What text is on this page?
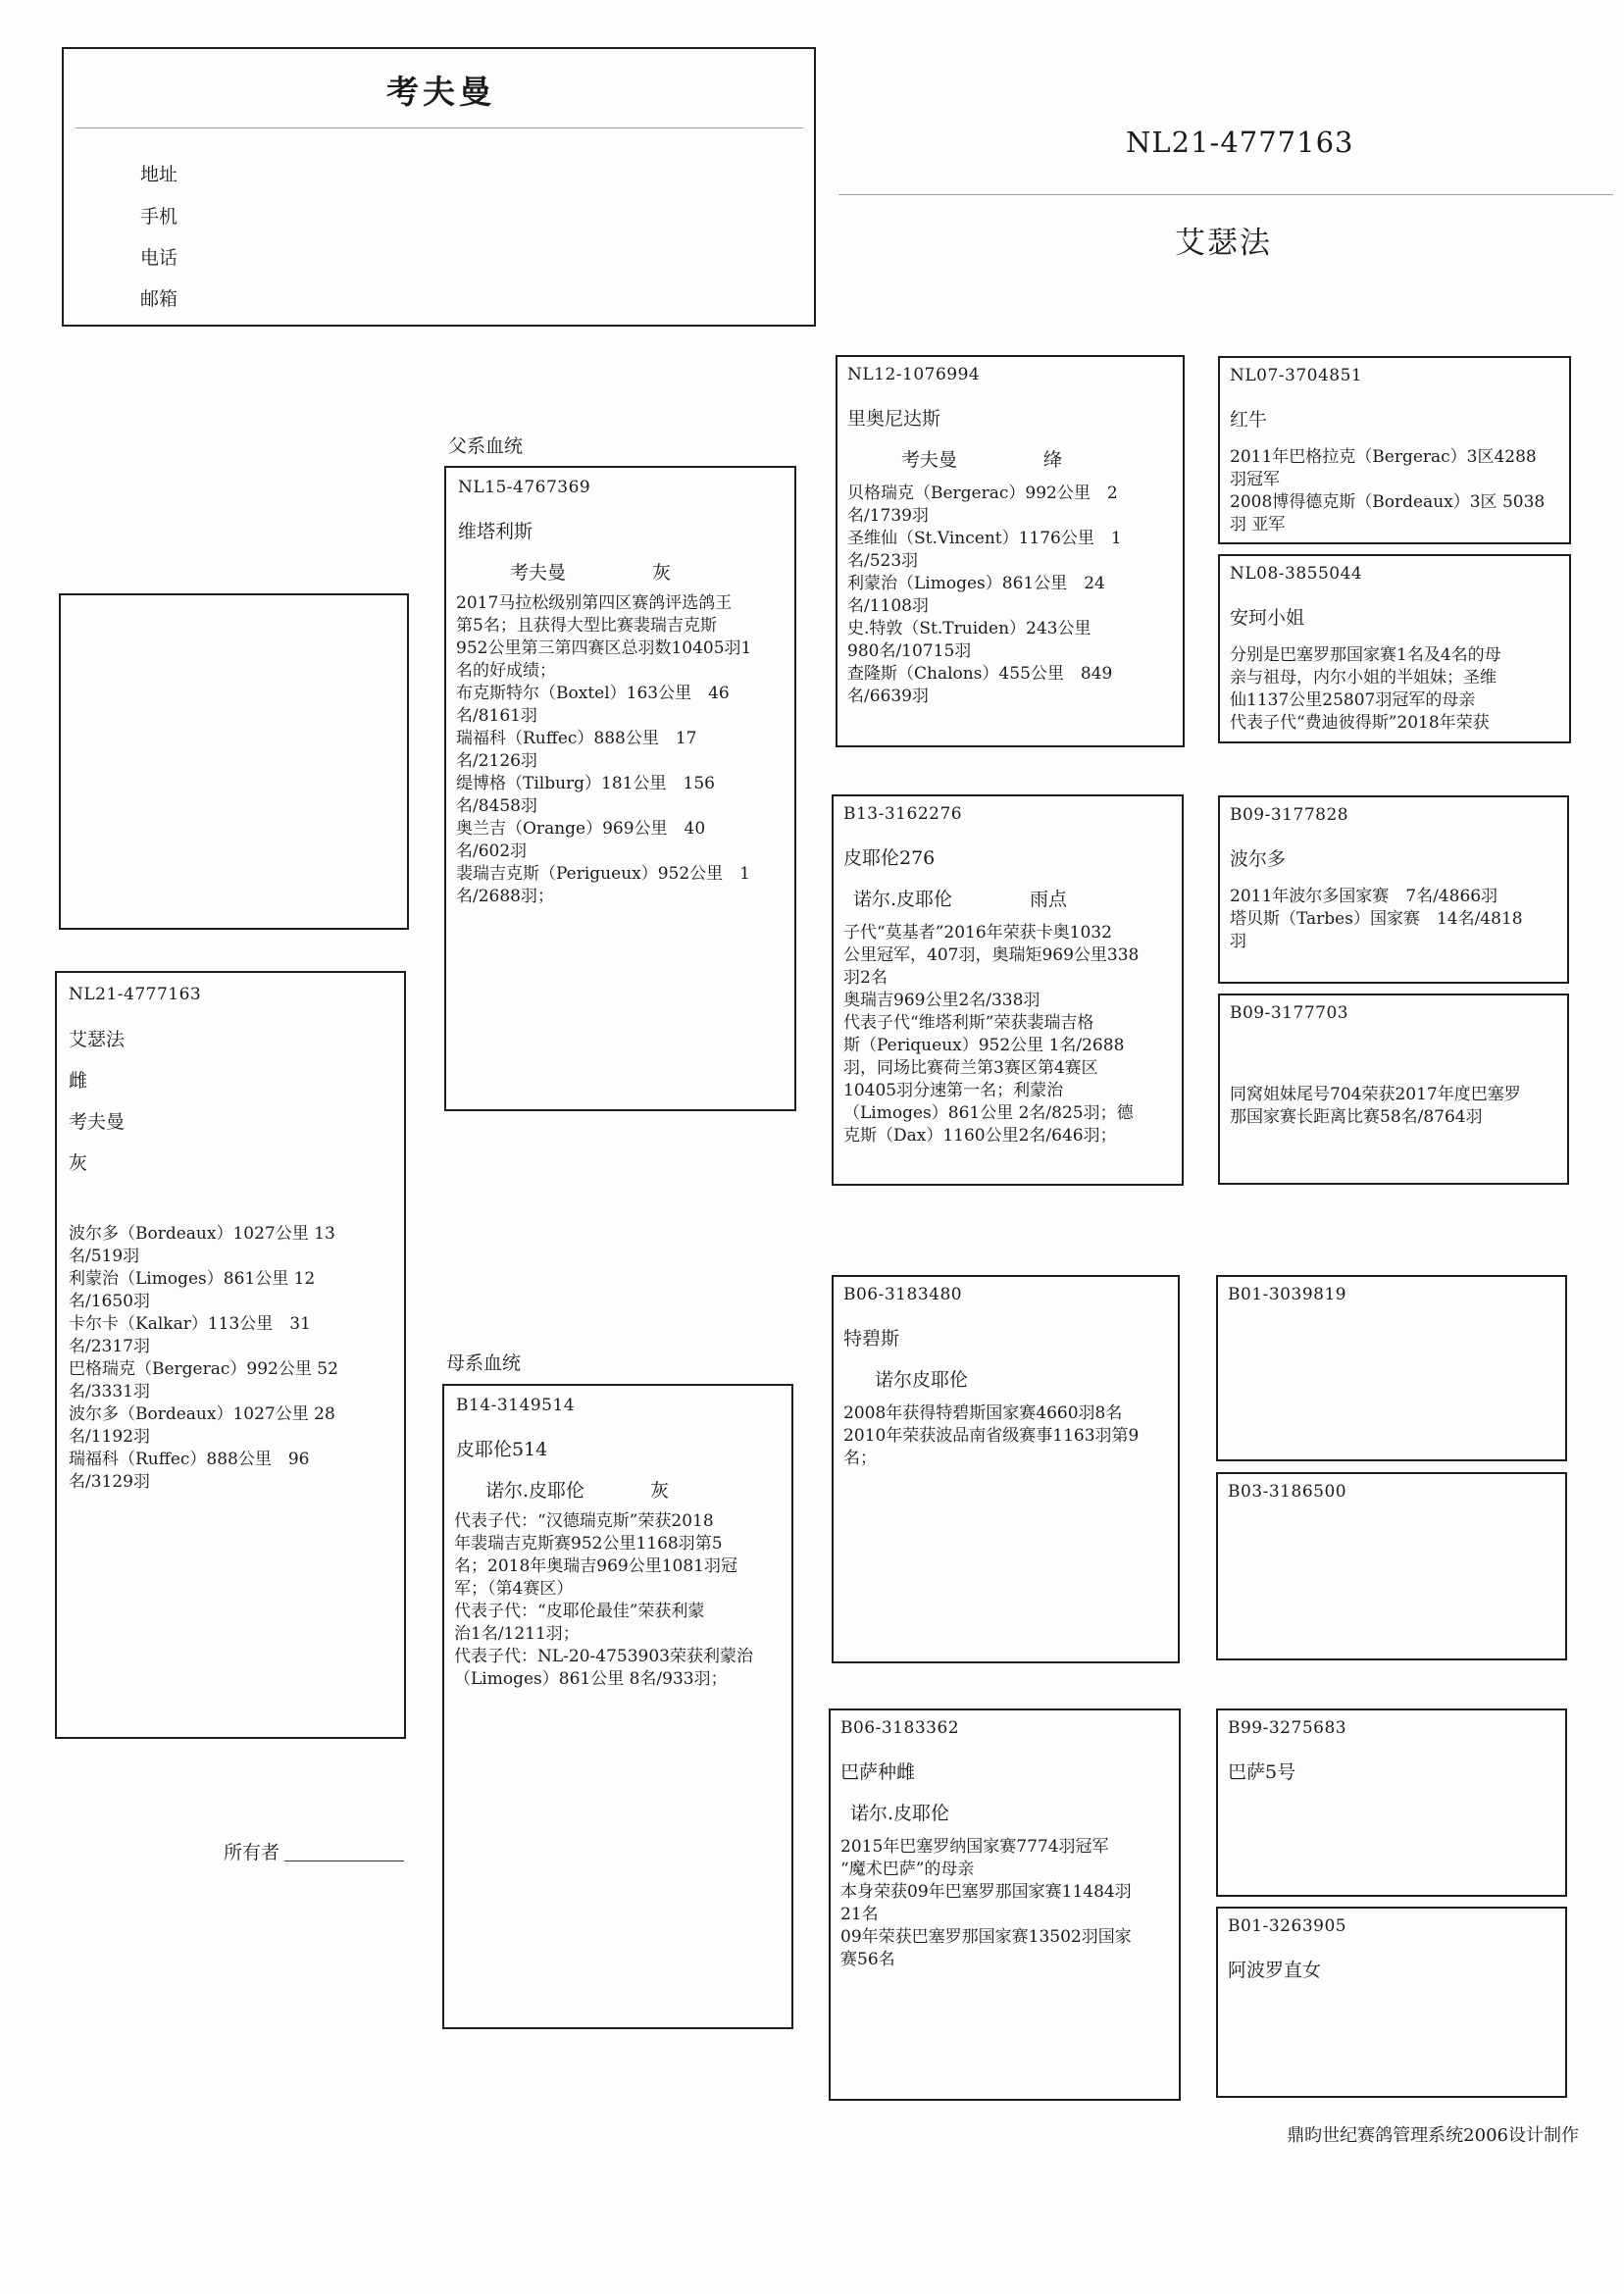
考夫曼
地址
手机
电话
邮箱
NL21-4777163
艾瑟法
NL21-4777163
艾瑟法
雌
考夫曼
灰
波尔多（Bordeaux）1027公里 13
名/519羽
利蒙治（Limoges）861公里 12
名/1650羽
卡尔卡（Kalkar）113公里　31
名/2317羽
巴格瑞克（Bergerac）992公里 52
名/3331羽
波尔多（Bordeaux）1027公里 28
名/1192羽
瑞福科（Ruffec）888公里　96
名/3129羽
所有者
父系血统
NL15-4767369
维塔利斯
考夫曼	灰
2017马拉松级别第四区赛鸽评选鸽王
第5名；且获得大型比赛裴瑞吉克斯
952公里第三第四赛区总羽数10405羽1
名的好成绩；
布克斯特尔（Boxtel）163公里　46
名/8161羽
瑞福科（Ruffec）888公里　17
名/2126羽
缇博格（Tilburg）181公里　156
名/8458羽
奥兰吉（Orange）969公里　40
名/602羽
裴瑞吉克斯（Perigueux）952公里　1
名/2688羽；
母系血统
B14-3149514
皮耶伦514
诺尔.皮耶伦	灰
代表子代：“汉德瑞克斯”荣获2018
年裴瑞吉克斯赛952公里1168羽第5
名；2018年奥瑞吉969公里1081羽冠
军；（第4赛区）
代表子代：“皮耶伦最佳”荣获利蒙
治1名/1211羽；
代表子代：NL-20-4753903荣获利蒙治
（Limoges）861公里 8名/933羽；
NL12-1076994
里奥尼达斯
考夫曼	绛
贝格瑞克（Bergerac）992公里　2
名/1739羽
圣维仙（St.Vincent）1176公里　1
名/523羽
利蒙治（Limoges）861公里　24
名/1108羽
史.特敦（St.Truiden）243公里
980名/10715羽
查隆斯（Chalons）455公里　849
名/6639羽
B13-3162276
皮耶伦276
诺尔.皮耶伦	雨点
子代“莫基者”2016年荣获卡奥1032
公里冠军，407羽，奥瑞矩969公里338
羽2名
奥瑞吉969公里2名/338羽
代表子代“维塔利斯”荣获裴瑞吉格
斯（Periqueux）952公里 1名/2688
羽，同场比赛荷兰第3赛区第4赛区
10405羽分速第一名；利蒙治
（Limoges）861公里 2名/825羽；德
克斯（Dax）1160公里2名/646羽；
B06-3183480
特碧斯
诺尔皮耶伦
2008年获得特碧斯国家赛4660羽8名
2010年荣获波品南省级赛事1163羽第9
名；
B06-3183362
巴萨种雌
诺尔.皮耶伦
2015年巴塞罗纳国家赛7774羽冠军
“魔术巴萨”的母亲
本身荣获09年巴塞罗那国家赛11484羽
21名
09年荣获巴塞罗那国家赛13502羽国家
赛56名
NL07-3704851
红牛
2011年巴格拉克（Bergerac）3区4288
羽冠军
2008博得德克斯（Bordeaux）3区 5038
羽 亚军
NL08-3855044
安珂小姐
分别是巴塞罗那国家赛1名及4名的母
亲与祖母，内尔小姐的半姐妹；圣维
仙1137公里25807羽冠军的母亲
代表子代“费迪彼得斯”2018年荣获
B09-3177828
波尔多
2011年波尔多国家赛　7名/4866羽
塔贝斯（Tarbes）国家赛　14名/4818
羽
B09-3177703
同窝姐妹尾号704荣获2017年度巴塞罗
那国家赛长距离比赛58名/8764羽
B01-3039819
B03-3186500
B99-3275683
巴萨5号
B01-3263905
阿波罗直女
鼎昀世纪赛鸽管理系统2006设计制作
